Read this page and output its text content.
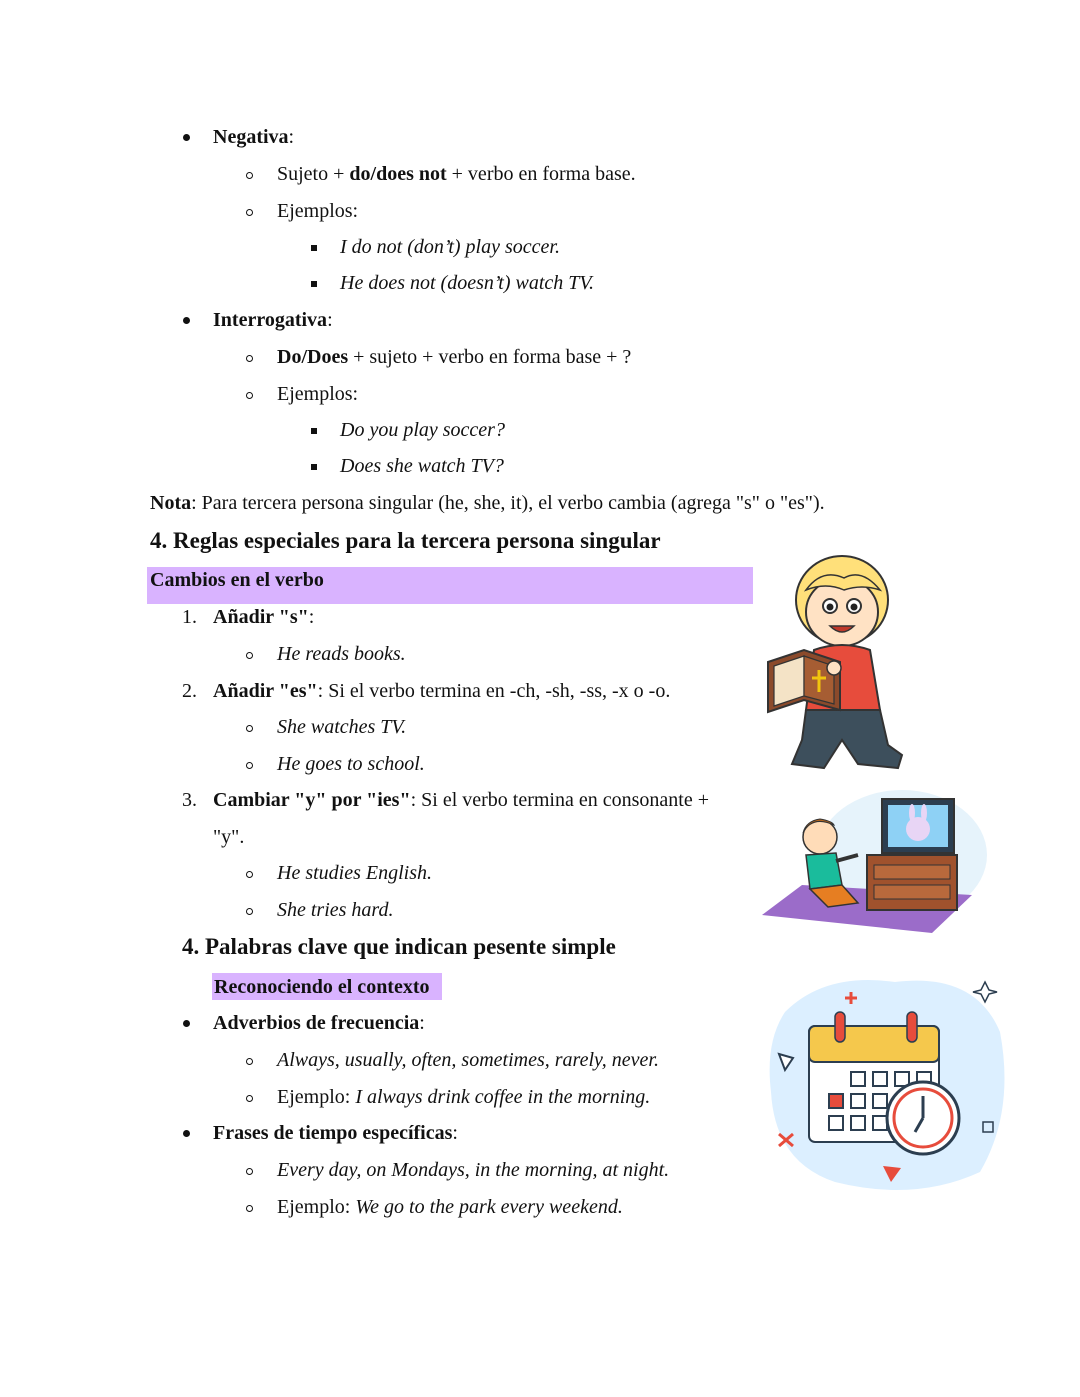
Negativa:
Sujeto + do/does not + verbo en forma base.
Ejemplos:
I do not (don’t) play soccer.
He does not (doesn’t) watch TV.
Interrogativa:
Do/Does + sujeto + verbo en forma base + ?
Ejemplos:
Do you play soccer?
Does she watch TV?
Nota: Para tercera persona singular (he, she, it), el verbo cambia (agrega "s" o "es").
4. Reglas especiales para la tercera persona singular
Cambios en el verbo
1. Añadir "s":
He reads books.
2. Añadir "es": Si el verbo termina en -ch, -sh, -ss, -x o -o.
She watches TV.
He goes to school.
3. Cambiar "y" por "ies": Si el verbo termina en consonante +
"y".
He studies English.
She tries hard.
4. Palabras clave que indican pesente simple
Reconociendo el contexto
Adverbios de frecuencia:
Always, usually, often, sometimes, rarely, never.
Ejemplo: I always drink coffee in the morning.
Frases de tiempo específicas:
Every day, on Mondays, in the morning, at night.
Ejemplo: We go to the park every weekend.
